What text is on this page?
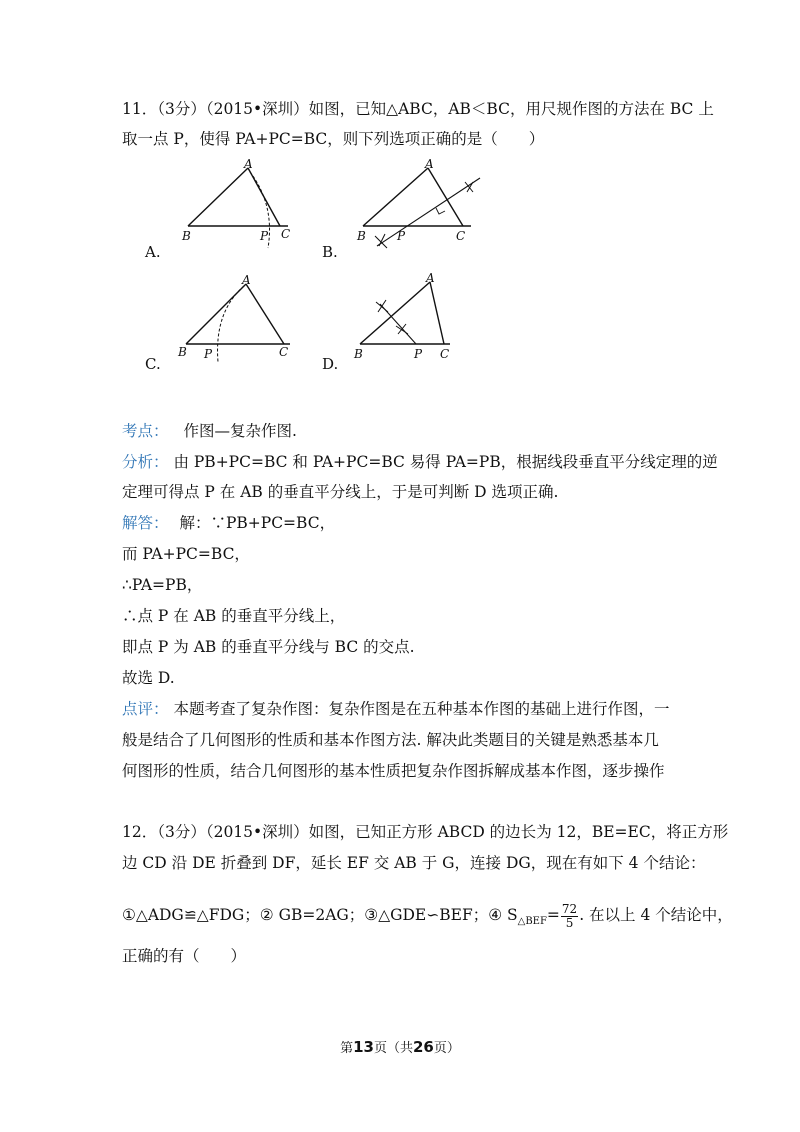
11．（3分）（2015•深圳）如图，已知△ABC，AB＜BC，用尺规作图的方法在 BC 上
取一点 P，使得 PA+PC=BC，则下列选项正确的是（　　）
A
B	C
P
A.
A
B	C
P
B.
A
B	C
P
C.
A
B	C
P
D.
考点： 作图—复杂作图.
分析： 由 PB+PC=BC 和 PA+PC=BC 易得 PA=PB，根据线段垂直平分线定理的逆
定理可得点 P 在 AB 的垂直平分线上，于是可判断 D 选项正确.
解答： 解：∵PB+PC=BC，
而 PA+PC=BC，
∴PA=PB，
∴点 P 在 AB 的垂直平分线上，
即点 P 为 AB 的垂直平分线与 BC 的交点.
故选 D.
点评： 本题考查了复杂作图：复杂作图是在五种基本作图的基础上进行作图，一
般是结合了几何图形的性质和基本作图方法. 解决此类题目的关键是熟悉基本几
何图形的性质，结合几何图形的基本性质把复杂作图拆解成基本作图，逐步操作
12．（3分）（2015•深圳）如图，已知正方形 ABCD 的边长为 12，BE=EC，将正方形
边 CD 沿 DE 折叠到 DF，延长 EF 交 AB 于 G，连接 DG，现在有如下 4 个结论：
①△ADG≌△FDG；② GB=2AG；③△GDE∽BEF；④ $S_{\triangle BEF}= \frac{72}{5}$ . 在以上 4 个结论中，
正确的有（　　）
第13页（共26页）
